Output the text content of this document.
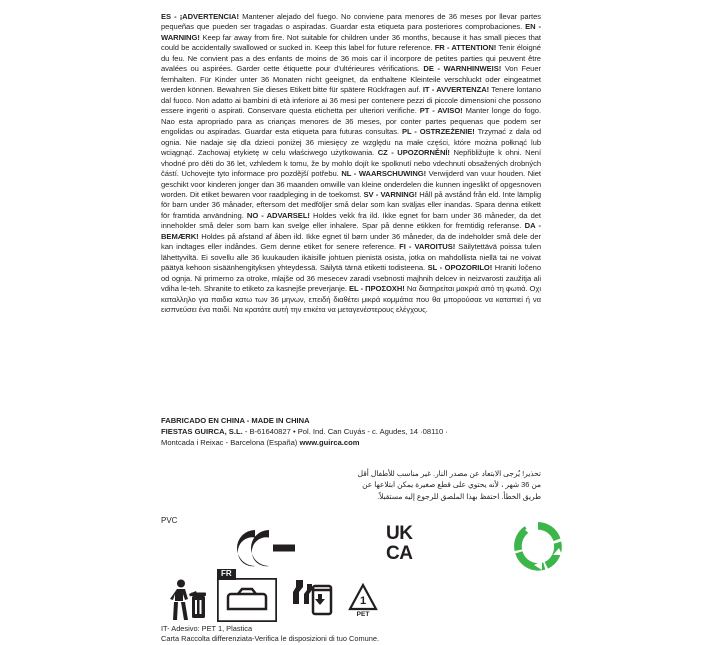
ES - ¡ADVERTENCIA! Mantener alejado del fuego. No conviene para menores de 36 meses por llevar partes pequeñas que pueden ser tragadas o aspiradas. Guardar esta etiqueta para posteriores comprobaciones. EN - WARNING! Keep far away from fire. Not suitable for children under 36 months, because it has small pieces that could be accidentally swallowed or sucked in. Keep this label for future reference. FR - ATTENTION! Tenir éloigné du feu. Ne convient pas a des enfants de moins de 36 mois car il incorpore de petites parties qui peuvent être avalées ou aspirées. Garder cette étiquette pour d'ultérieures vérifications. DE - WARNHINWEIS! Von Feuer fernhalten. Für Kinder unter 36 Monaten nicht geeignet, da enthaltene Kleinteile verschluckt oder eingeatmet werden können. Bewahren Sie dieses Etikett bitte für spätere Rückfragen auf. IT - AVVERTENZA! Tenere lontano dal fuoco. Non adatto ai bambini di età inferiore ai 36 mesi per contenere pezzi di piccole dimensioni che possono essere ingeriti o aspirati. Conservare questa etichetta per ulteriori verifiche. PT - AVISO! Manter longe do fogo. Nao esta apropriado para as crianças menores de 36 meses, por conter partes pequenas que podem ser engolidas ou aspiradas. Guardar esta etiqueta para futuras consultas. PL - OSTRZEŻENIE! Trzymać z dala od ognia. Nie nadaje się dla dzieci poniżej 36 miesięcy ze względu na małe części, które można połknąć lub wciągnąć. Zachowaj etykietę w celu właściwego użytkowania. CZ - UPOZORNĚNÍ! Nepřibližujte k ohni. Není vhodné pro děti do 36 let, vzhledem k tomu, že by mohlo dojít ke spolknutí nebo vdechnutí obsažených drobných částí. Uchovejte tyto informace pro pozdější potřebu. NL - WAARSCHUWING! Verwijderd van vuur houden. Niet geschikt voor kinderen jonger dan 36 maanden omwille van kleine onderdelen die kunnen ingeslikt of opgesnoven worden. Dit etiket bewaren voor raadpleging in de toekomst. SV - VARNING! Håll på avstånd från eld. Inte lämplig för barn under 36 månader, eftersom det medföljer små delar som kan sväljas eller inandas. Spara denna etikett för framtida användning. NO - ADVARSEL! Holdes vekk fra ild. Ikke egnet for barn under 36 måneder, da det inneholder små deler som barn kan svelge eller inhalere. Spar på denne etikken for fremtidig referanse. DA - BEMÆRK! Holdes på afstand af åben ild. Ikke egnet til børn under 36 måneder, da de indeholder små dele der kan indtages eller indåndes. Gem denne etiket for senere reference. FI - VAROITUS! Säilytettävä poissa tulen lähettyviltä. Ei sovellu alle 36 kuukauden ikäisille johtuen pienistä osista, jotka on mahdollista niellä tai ne voivat päätyä kehoon sisäänhengityksen yhteydessä. Säilytä tärnä etiketti todisteena. SL - OPOZORILO! Hraniti ločeno od ognja. Ni primerno za otroke, mlajše od 36 mesecev zaradi vsebnosti majhnih delcev in neizvarosti zaužitja ali vdiha le-teh. Shranite to etiketo za kasnejše preverjanje. EL - ΠΡΟΣΟΧΗ! Να διατηρείται μακριά από τη φωτιά. Οχι καταλληλο για παιδια κατω των 36 μηνων, επειδή διαθέτει μικρά κομμάτια που θα μπορούσαε να καταπιεί ή να εισπνεύσει ένα παιδί. Να κρατάτε αυτή την ετικέτα να μεταγενέστερους ελέγχους.
FABRICADO EN CHINA - MADE IN CHINA
FIESTAS GUIRCA, S.L. - B-61640827 • Pol. Ind. Can Cuyás - c. Agudes, 14 ·08110 ·
Montcada i Reixac - Barcelona (España) www.guirca.com
تحذير! يُرجى الابتعاد عن مصدر النار. غير مناسب للأطفال أقل
من 36 شهر ، لأنه يحتوي على قطع صغيرة يمكن ابتلاعها عن
طريق الخطأ. احتفظ بهذا الملصق للرجوع إليه مستقبلاً.
PVC
UK
CA
FR
1
PET
IT- Adesivo: PET 1, Plastica
Carta Raccolta differenziata-Verifica le disposizioni di tuo Comune.
